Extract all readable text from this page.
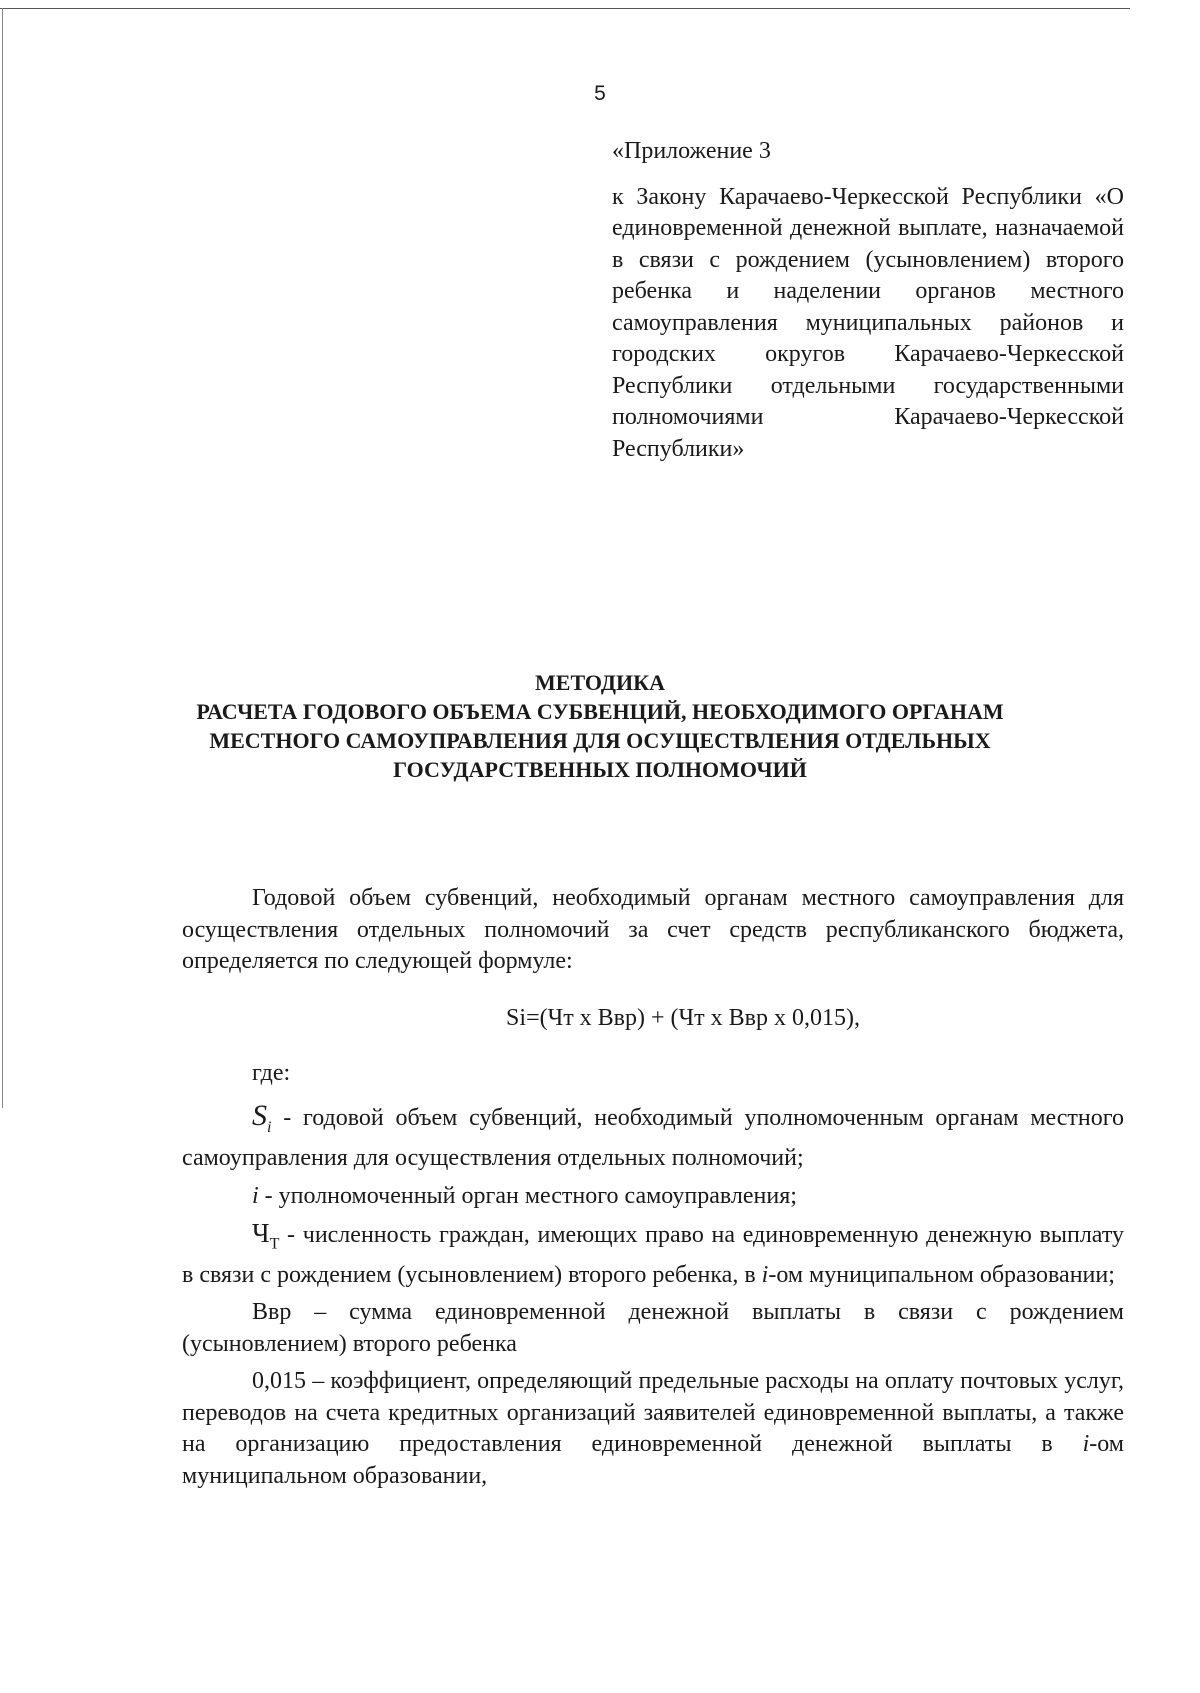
5

«Приложение 3

к Закону Карачаево-Черкесской Республики «О единовременной денежной выплате, назначаемой в связи с рождением (усыновлением) второго ребенка и наделении органов местного самоуправления муниципальных районов и городских округов Карачаево-Черкесской Республики отдельными государственными полномочиями Карачаево-Черкесской Республики»

МЕТОДИКА
РАСЧЕТА ГОДОВОГО ОБЪЕМА СУБВЕНЦИЙ, НЕОБХОДИМОГО ОРГАНАМ
МЕСТНОГО САМОУПРАВЛЕНИЯ ДЛЯ ОСУЩЕСТВЛЕНИЯ ОТДЕЛЬНЫХ
ГОСУДАРСТВЕННЫХ ПОЛНОМОЧИЙ

Годовой объем субвенций, необходимый органам местного самоуправления для осуществления отдельных полномочий за счет средств республиканского бюджета, определяется по следующей формуле:

Si=(Чт х Ввр) + (Чт х Ввр х 0,015),
где:

$S_i$ - годовой объем субвенций, необходимый уполномоченным органам местного самоуправления для осуществления отдельных полномочий;

i - уполномоченный орган местного самоуправления;

$Ч_Т$ - численность граждан, имеющих право на единовременную денежную выплату в связи с рождением (усыновлением) второго ребенка, в i-ом муниципальном образовании;

Ввр – сумма единовременной денежной выплаты в связи с рождением (усыновлением) второго ребенка

0,015 – коэффициент, определяющий предельные расходы на оплату почтовых услуг, переводов на счета кредитных организаций заявителей единовременной выплаты, а также на организацию предоставления единовременной денежной выплаты в i-ом муниципальном образовании,
